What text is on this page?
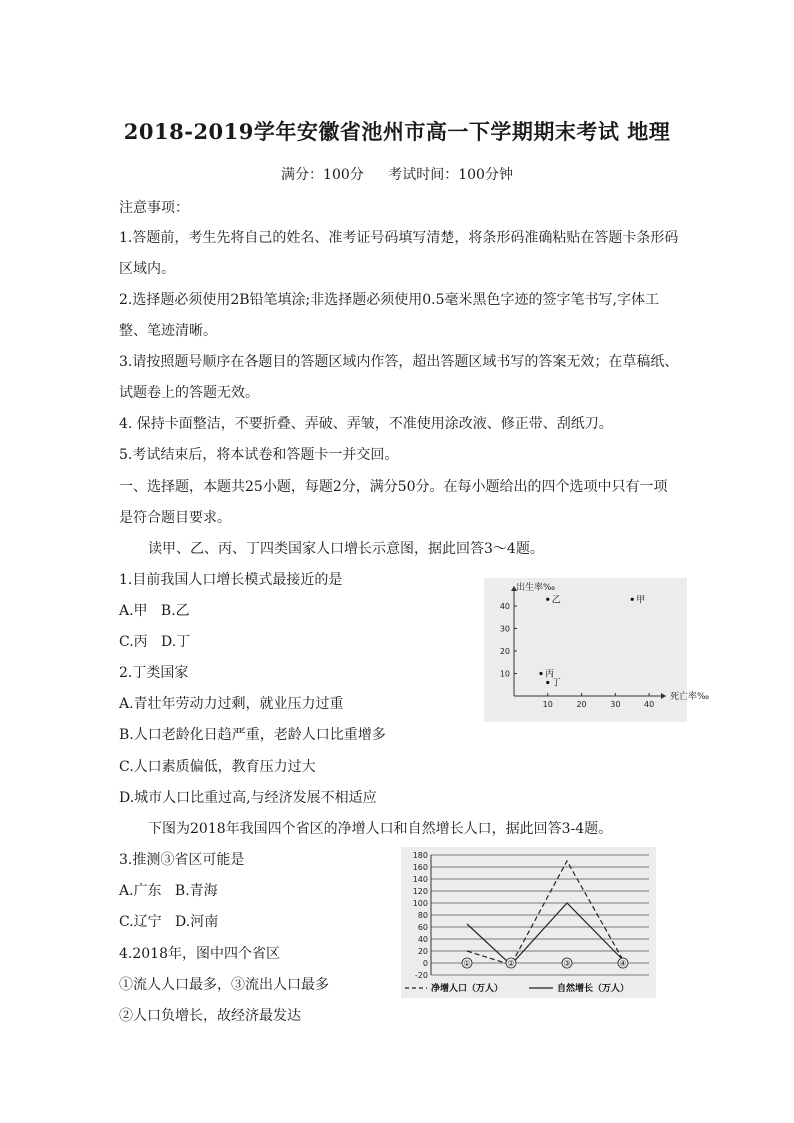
2018-2019学年安徽省池州市高一下学期期末考试 地理
满分：100分 考试时间：100分钟
注意事项：
1.答题前，考生先将自己的姓名、准考证号码填写清楚，将条形码准确粘贴在答题卡条形码
区域内。
2.选择题必须使用2B铅笔填涂;非选择题必须使用0.5毫米黑色字迹的签字笔书写,字体工
整、笔迹清晰。
3.请按照题号顺序在各题目的答题区域内作答，超出答题区域书写的答案无效；在草稿纸、
试题卷上的答题无效。
4. 保持卡面整洁，不要折叠、弄破、弄皱，不准使用涂改液、修正带、刮纸刀。
5.考试结束后，将本试卷和答题卡一并交回。
一、选择题，本题共25小题，每题2分，满分50分。在每小题给出的四个选项中只有一项
是符合题目要求。
读甲、乙、丙、丁四类国家人口增长示意图，据此回答3～4题。
1.目前我国人口增长模式最接近的是
A.甲   B.乙
C.丙   D.丁
2.丁类国家
A.青壮年劳动力过剩，就业压力过重
B.人口老龄化日趋严重，老龄人口比重增多
C.人口素质偏低，教育压力过大
D.城市人口比重过高,与经济发展不相适应
下图为2018年我国四个省区的净增人口和自然增长人口，据此回答3-4题。
3.推测③省区可能是
A.广东   B.青海
C.辽宁   D.河南
4.2018年，图中四个省区
①流人人口最多，③流出人口最多
②人口负增长，故经济最发达
出生率‰
死亡率‰
10	20	30	40
10
20
30
40
甲
乙
丙
丁
-20
0
20
40
60
80
100
120
140
160
180
①	②	③	④
净增人口（万人）	自然增长（万人）
